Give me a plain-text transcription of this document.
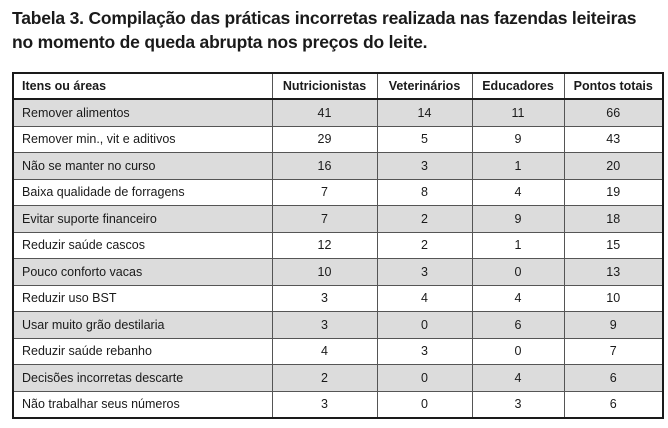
Tabela 3. Compilação das práticas incorretas realizada nas fazendas leiteiras
no momento de queda abrupta nos preços do leite.
Itens ou áreas	Nutricionistas	Veterinários	Educadores	Pontos totais
Remover alimentos	41	14	11	66
Remover min., vit e aditivos	29	5	9	43
Não se manter no curso	16	3	1	20
Baixa qualidade de forragens	7	8	4	19
Evitar suporte financeiro	7	2	9	18
Reduzir saúde cascos	12	2	1	15
Pouco conforto vacas	10	3	0	13
Reduzir uso BST	3	4	4	10
Usar muito grão destilaria	3	0	6	9
Reduzir saúde rebanho	4	3	0	7
Decisões incorretas descarte	2	0	4	6
Não trabalhar seus números	3	0	3	6
